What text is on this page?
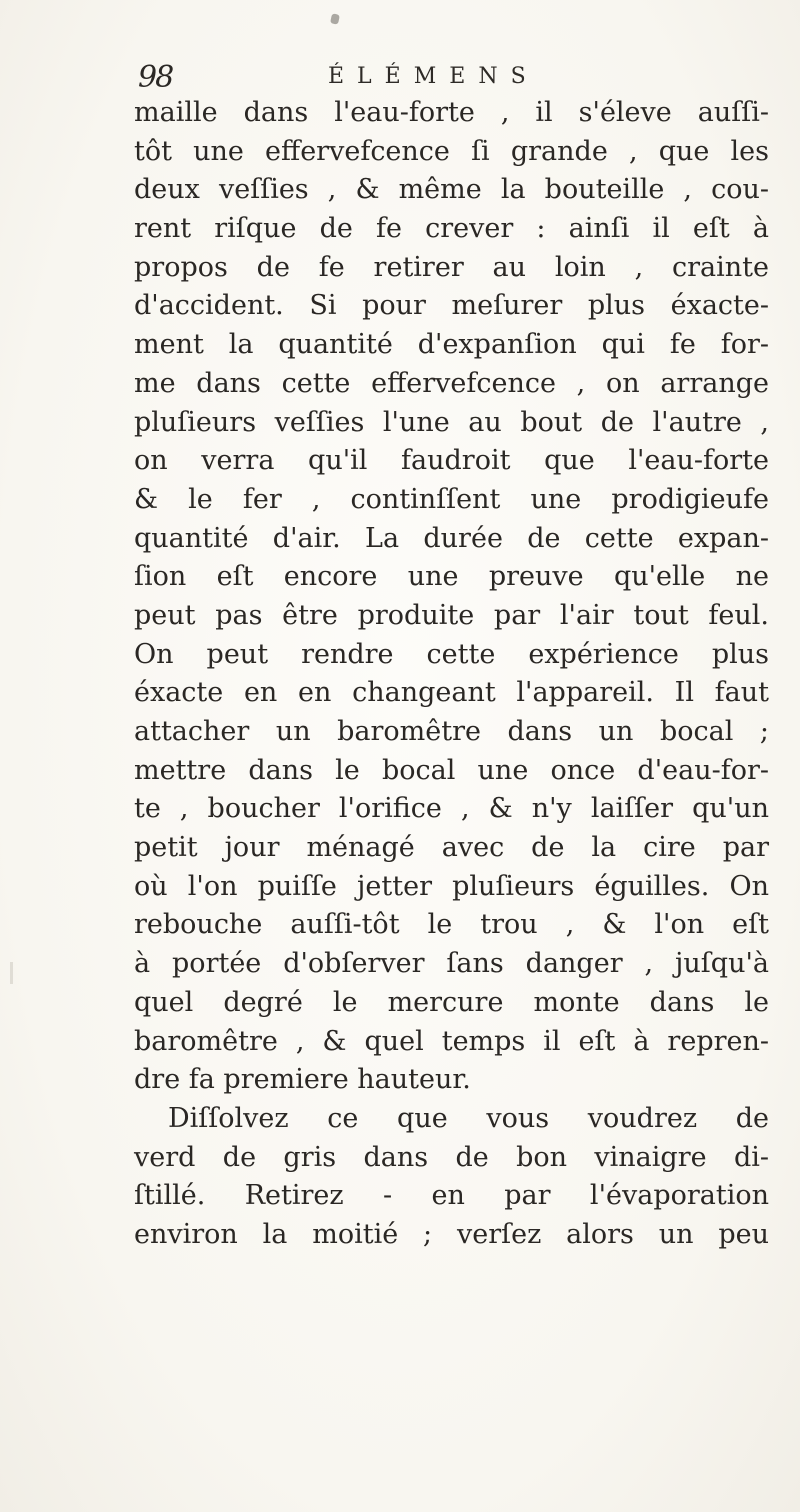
98	ÉLÉMENS
maille dans l'eau-forte , il s'éleve auſſi-
tôt une effervefcence ſi grande , que les
deux veſſies , & même la bouteille , cou-
rent riſque de fe crever : ainſi il eſt à
propos de fe retirer au loin , crainte
d'accident. Si pour meſurer plus éxacte-
ment la quantité d'expanſion qui fe for-
me dans cette effervefcence , on arrange
pluſieurs veſſies l'une au bout de l'autre ,
on verra qu'il faudroit que l'eau-forte
& le fer , continſſent une prodigieufe
quantité d'air. La durée de cette expan-
ſion eſt encore une preuve qu'elle ne
peut pas être produite par l'air tout feul.
On peut rendre cette expérience plus
éxacte en en changeant l'appareil. Il faut
attacher un baromêtre dans un bocal ;
mettre dans le bocal une once d'eau-for-
te , boucher l'orifice , & n'y laiſſer qu'un
petit jour ménagé avec de la cire par
où l'on puiſſe jetter pluſieurs éguilles. On
rebouche auſſi-tôt le trou , & l'on eſt
à portée d'obſerver ſans danger , juſqu'à
quel degré le mercure monte dans le
baromêtre , & quel temps il eſt à repren-
dre fa premiere hauteur.
Diſſolvez ce que vous voudrez de
verd de gris dans de bon vinaigre di-
ſtillé. Retirez - en par l'évaporation
environ la moitié ; verſez alors un peu
